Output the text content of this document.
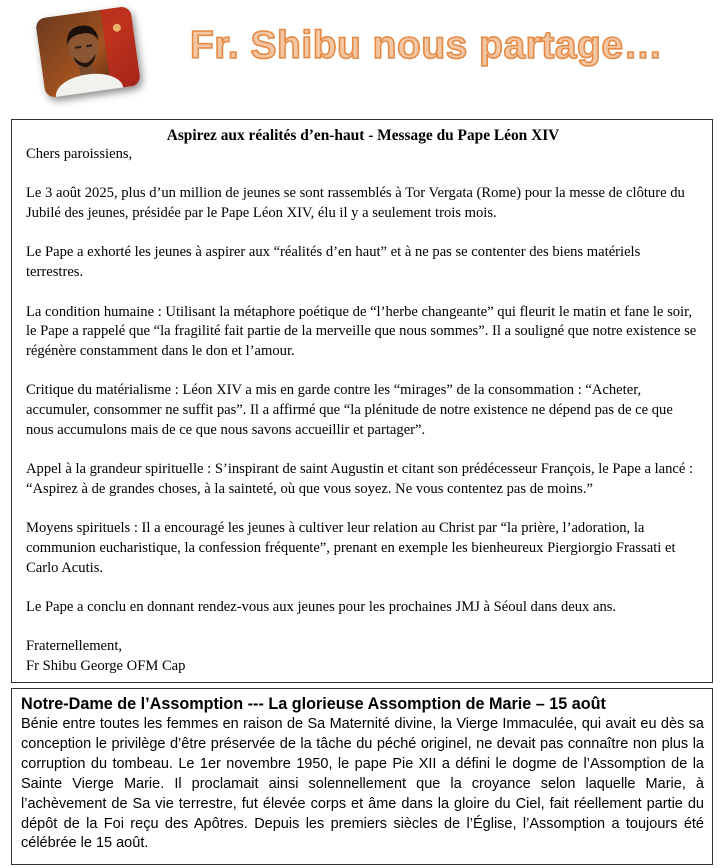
Fr. Shibu nous partage…
Aspirez aux réalités d’en-haut - Message du Pape Léon XIV

Chers paroissiens,

Le 3 août 2025, plus d’un million de jeunes se sont rassemblés à Tor Vergata (Rome) pour la messe de clôture du Jubilé des jeunes, présidée par le Pape Léon XIV, élu il y a seulement trois mois.

Le Pape a exhorté les jeunes à aspirer aux “réalités d’en haut” et à ne pas se contenter des biens matériels terrestres.

La condition humaine : Utilisant la métaphore poétique de “l’herbe changeante” qui fleurit le matin et fane le soir, le Pape a rappelé que “la fragilité fait partie de la merveille que nous sommes”. Il a souligné que notre existence se régénère constamment dans le don et l’amour.

Critique du matérialisme : Léon XIV a mis en garde contre les “mirages” de la consommation : “Acheter, accumuler, consommer ne suffit pas”. Il a affirmé que “la plénitude de notre existence ne dépend pas de ce que nous accumulons mais de ce que nous savons accueillir et partager”.

Appel à la grandeur spirituelle : S’inspirant de saint Augustin et citant son prédécesseur François, le Pape a lancé : “Aspirez à de grandes choses, à la sainteté, où que vous soyez. Ne vous contentez pas de moins.”

Moyens spirituels : Il a encouragé les jeunes à cultiver leur relation au Christ par “la prière, l’adoration, la communion eucharistique, la confession fréquente”, prenant en exemple les bienheureux Piergiorgio Frassati et Carlo Acutis.

Le Pape a conclu en donnant rendez-vous aux jeunes pour les prochaines JMJ à Séoul dans deux ans.

Fraternellement,

Fr Shibu George OFM Cap

Notre-Dame de l’Assomption --- La glorieuse Assomption de Marie – 15 août

Bénie entre toutes les femmes en raison de Sa Maternité divine, la Vierge Immaculée, qui avait eu dès sa conception le privilège d’être préservée de la tâche du péché originel, ne devait pas connaître non plus la corruption du tombeau. Le 1er novembre 1950, le pape Pie XII a défini le dogme de l’Assomption de la Sainte Vierge Marie. Il proclamait ainsi solennellement que la croyance selon laquelle Marie, à l’achèvement de Sa vie terrestre, fut élevée corps et âme dans la gloire du Ciel, fait réellement partie du dépôt de la Foi reçu des Apôtres. Depuis les premiers siècles de l’Église, l’Assomption a toujours été célébrée le 15 août.
